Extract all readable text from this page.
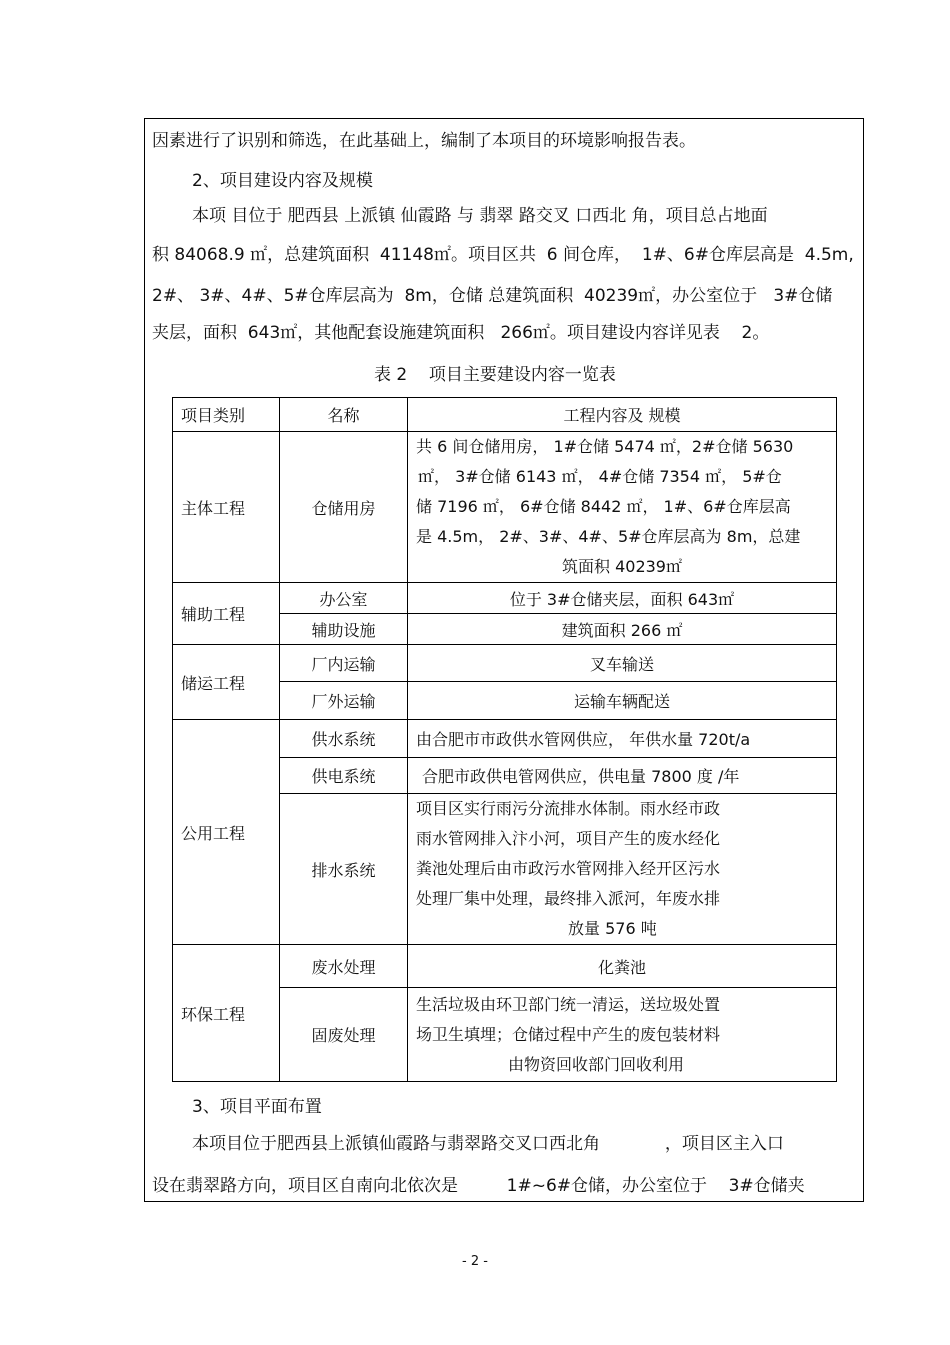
因素进行了识别和筛选，在此基础上，编制了本项目的环境影响报告表。
2、项目建设内容及规模
本项 目位于 肥西县 上派镇 仙霞路 与 翡翠 路交叉 口西北 角，项目总占地面
积 84068.9 ㎡，总建筑面积  41148㎡。项目区共  6 间仓库，  1#、6#仓库层高是  4.5m,
2#、 3#、4#、5#仓库层高为  8m，仓储 总建筑面积  40239㎡，办公室位于   3#仓储
夹层，面积  643㎡，其他配套设施建筑面积   266㎡。项目建设内容详见表    2。
表 2    项目主要建设内容一览表
项目类别	名称	工程内容及 规模
主体工程	仓储用房	共 6 间仓储用房， 1#仓储 5474 ㎡，2#仓储 5630
㎡， 3#仓储 6143 ㎡， 4#仓储 7354 ㎡， 5#仓
储 7196 ㎡， 6#仓储 8442 ㎡， 1#、6#仓库层高
是 4.5m， 2#、3#、4#、5#仓库层高为 8m，总建
筑面积 40239㎡

辅助工程	办公室	位于 3#仓储夹层，面积 643㎡
	辅助设施	建筑面积 266 ㎡
储运工程	厂内运输	叉车输送
	厂外运输	运输车辆配送
公用工程	供水系统	由合肥市市政供水管网供应， 年供水量 720t/a
	供电系统	合肥市政供电管网供应，供电量 7800 度 /年
	排水系统	项目区实行雨污分流排水体制。雨水经市政
雨水管网排入汴小河，项目产生的废水经化
粪池处理后由市政污水管网排入经开区污水
处理厂集中处理，最终排入派河，年废水排
放量 576 吨

环保工程	废水处理	化粪池
	固废处理	生活垃圾由环卫部门统一清运，送垃圾处置
场卫生填埋；仓储过程中产生的废包装材料
由物资回收部门回收利用
3、项目平面布置
本项目位于肥西县上派镇仙霞路与翡翠路交叉口西北角            ，项目区主入口
设在翡翠路方向，项目区自南向北依次是         1#~6#仓储，办公室位于    3#仓储夹
- 2 -
